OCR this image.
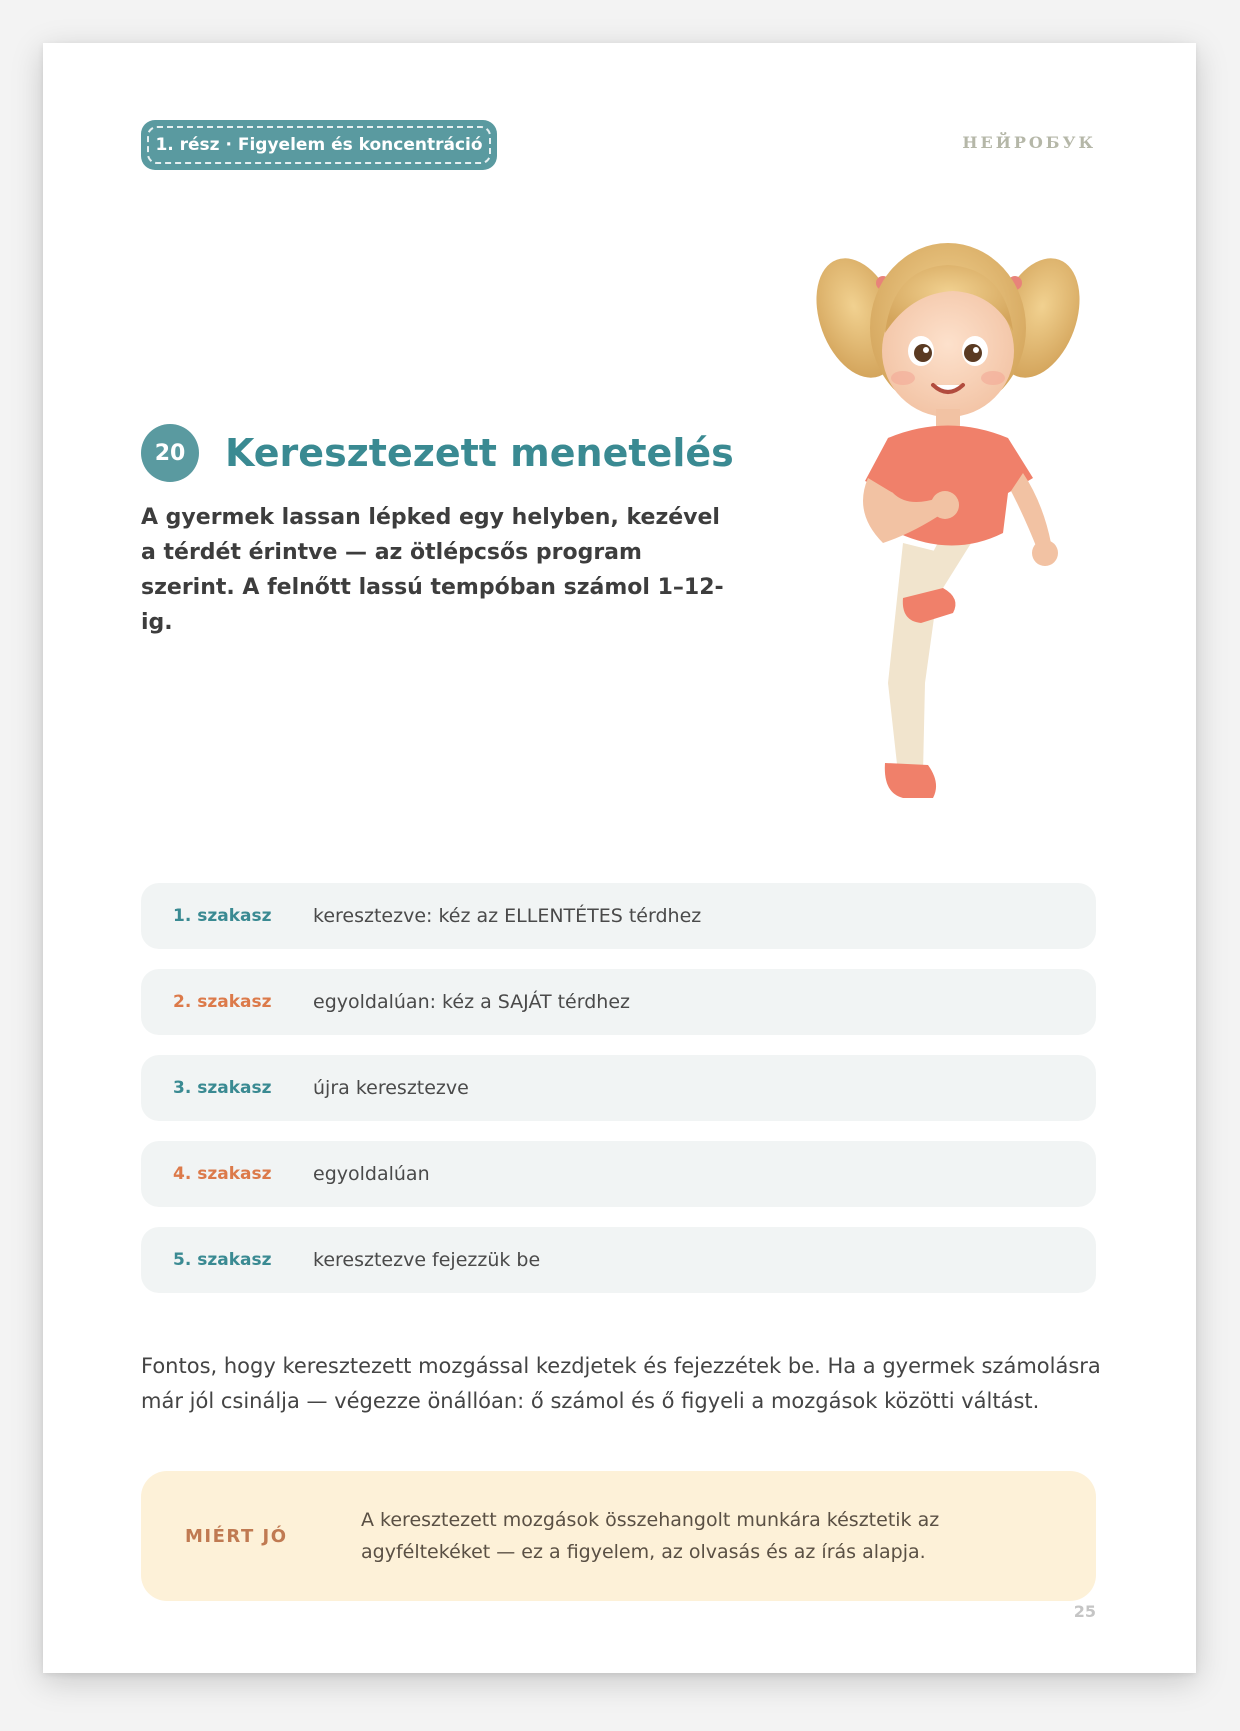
1. rész · Figyelem és koncentráció	НЕЙРОБУК
20	Keresztezett menetelés
A gyermek lassan lépked egy helyben, kezével a térdét érintve — az ötlépcsős program szerint. A felnőtt lassú tempóban számol 1–12-ig.
1. szakasz	keresztezve: kéz az ELLENTÉTES térdhez
2. szakasz	egyoldalúan: kéz a SAJÁT térdhez
3. szakasz	újra keresztezve
4. szakasz	egyoldalúan
5. szakasz	keresztezve fejezzük be
Fontos, hogy keresztezett mozgással kezdjetek és fejezzétek be. Ha a gyermek számolásra már jól csinálja — végezze önállóan: ő számol és ő figyeli a mozgások közötti váltást.
MIÉRT JÓ
A keresztezett mozgások összehangolt munkára késztetik az agyféltekéket — ez a figyelem, az olvasás és az írás alapja.
25
